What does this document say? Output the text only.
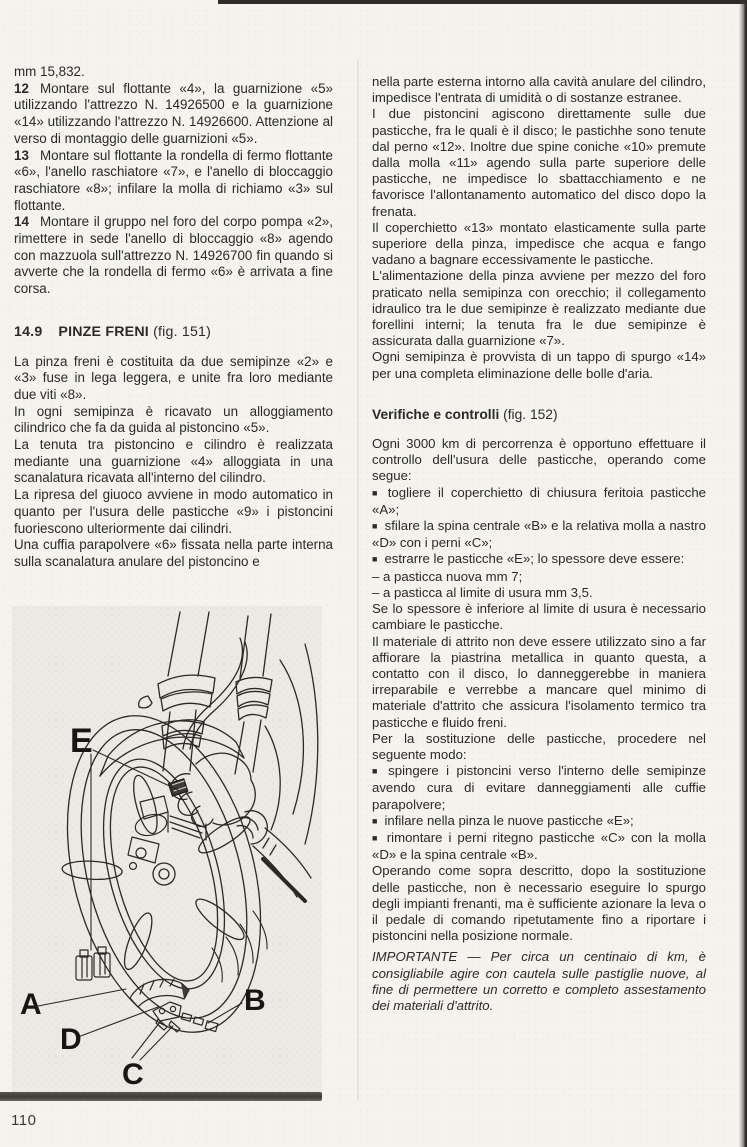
mm 15,832.

12 Montare sul flottante «4», la guarnizione «5» utilizzando l'attrezzo N. 14926500 e la guarnizione «14» utilizzando l'attrezzo N. 14926600. Attenzione al verso di montaggio delle guarnizioni «5».

13 Montare sul flottante la rondella di fermo flottante «6», l'anello raschiatore «7», e l'anello di bloccaggio raschiatore «8»; infilare la molla di richiamo «3» sul flottante.

14 Montare il gruppo nel foro del corpo pompa «2», rimettere in sede l'anello di bloccaggio «8» agendo con mazzuola sull'attrezzo N. 14926700 fin quando si avverte che la rondella di fermo «6» è arrivata a fine corsa.

14.9 PINZE FRENI (fig. 151)

La pinza freni è costituita da due semipinze «2» e «3» fuse in lega leggera, e unite fra loro mediante due viti «8».

In ogni semipinza è ricavato un alloggiamento cilindrico che fa da guida al pistoncino «5».

La tenuta tra pistoncino e cilindro è realizzata mediante una guarnizione «4» alloggiata in una scanalatura ricavata all'interno del cilindro.

La ripresa del giuoco avviene in modo automatico in quanto per l'usura delle pasticche «9» i pistoncini fuoriescono ulteriormente dai cilindri.

Una cuffia parapolvere «6» fissata nella parte interna sulla scanalatura anulare del pistoncino e

nella parte esterna intorno alla cavità anulare del cilindro, impedisce l'entrata di umidità o di sostanze estranee.

I due pistoncini agiscono direttamente sulle due pasticche, fra le quali è il disco; le pastichhe sono tenute dal perno «12». Inoltre due spine coniche «10» premute dalla molla «11» agendo sulla parte superiore delle pasticche, ne impedisce lo sbattacchiamento e ne favorisce l'allontanamento automatico del disco dopo la frenata.

Il coperchietto «13» montato elasticamente sulla parte superiore della pinza, impedisce che acqua e fango vadano a bagnare eccessivamente le pasticche.

L'alimentazione della pinza avviene per mezzo del foro praticato nella semipinza con orecchio; il collegamento idraulico tra le due semipinze è realizzato mediante due forellini interni; la tenuta fra le due semipinze è assicurata dalla guarnizione «7».

Ogni semipinza è provvista di un tappo di spurgo «14» per una completa eliminazione delle bolle d'aria.

Verifiche e controlli (fig. 152)

Ogni 3000 km di percorrenza è opportuno effettuare il controllo dell'usura delle pasticche, operando come segue:

■ togliere il coperchietto di chiusura feritoia pasticche «A»;

■ sfilare la spina centrale «B» e la relativa molla a nastro «D» con i perni «C»;

■ estrarre le pasticche «E»; lo spessore deve essere:

– a pasticca nuova mm 7;

– a pasticca al limite di usura mm 3,5.

Se lo spessore è inferiore al limite di usura è necessario cambiare le pasticche.

Il materiale di attrito non deve essere utilizzato sino a far affiorare la piastrina metallica in quanto questa, a contatto con il disco, lo danneggerebbe in maniera irreparabile e verrebbe a mancare quel minimo di materiale d'attrito che assicura l'isolamento termico tra pasticche e fluido freni.

Per la sostituzione delle pasticche, procedere nel seguente modo:

■ spingere i pistoncini verso l'interno delle semipinze avendo cura di evitare danneggiamenti alle cuffie parapolvere;

■ infilare nella pinza le nuove pasticche «E»;

■ rimontare i perni ritegno pasticche «C» con la molla «D» e la spina centrale «B».

Operando come sopra descritto, dopo la sostituzione delle pasticche, non è necessario eseguire lo spurgo degli impianti frenanti, ma è sufficiente azionare la leva o il pedale di comando ripetutamente fino a riportare i pistoncini nella posizione normale.

IMPORTANTE — Per circa un centinaio di km, è consigliabile agire con cautela sulle pastiglie nuove, al fine di permettere un corretto e completo assestamento dei materiali d'attrito.

E
A
D
C
B
110
